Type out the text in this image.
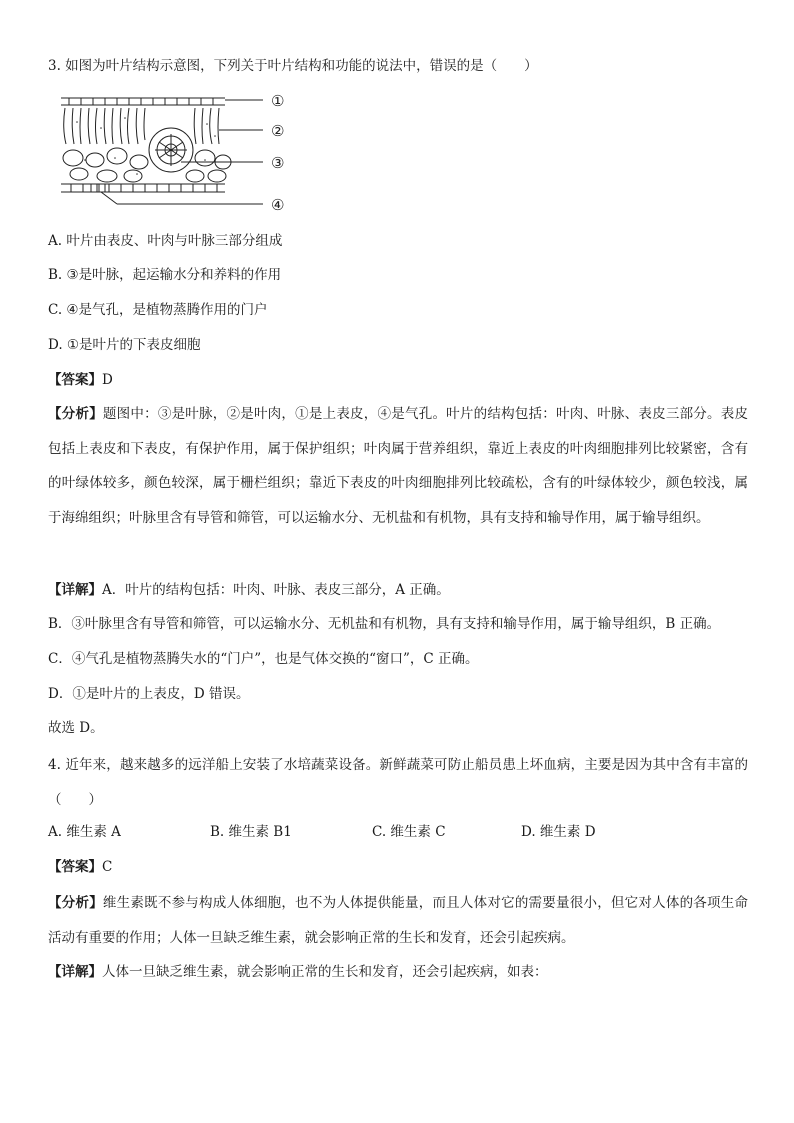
3. 如图为叶片结构示意图，下列关于叶片结构和功能的说法中，错误的是（　　）
①
②
③
④
A. 叶片由表皮、叶肉与叶脉三部分组成
B. ③是叶脉，起运输水分和养料的作用
C. ④是气孔，是植物蒸腾作用的门户
D. ①是叶片的下表皮细胞
【答案】D
【分析】题图中：③是叶脉，②是叶肉，①是上表皮，④是气孔。叶片的结构包括：叶肉、叶脉、表皮三部分。表皮包括上表皮和下表皮，有保护作用，属于保护组织；叶肉属于营养组织，靠近上表皮的叶肉细胞排列比较紧密，含有的叶绿体较多，颜色较深，属于栅栏组织；靠近下表皮的叶肉细胞排列比较疏松，含有的叶绿体较少，颜色较浅，属于海绵组织；叶脉里含有导管和筛管，可以运输水分、无机盐和有机物，具有支持和输导作用，属于输导组织。
【详解】A．叶片的结构包括：叶肉、叶脉、表皮三部分，A 正确。
B．③叶脉里含有导管和筛管，可以运输水分、无机盐和有机物，具有支持和输导作用，属于输导组织，B 正确。
C．④气孔是植物蒸腾失水的“门户”，也是气体交换的“窗口”，C 正确。
D．①是叶片的上表皮，D 错误。
故选 D。
4. 近年来，越来越多的远洋船上安装了水培蔬菜设备。新鲜蔬菜可防止船员患上坏血病，主要是因为其中含有丰富的（　　）
A. 维生素 A	B. 维生素 B1	C. 维生素 C	D. 维生素 D
【答案】C
【分析】维生素既不参与构成人体细胞，也不为人体提供能量，而且人体对它的需要量很小，但它对人体的各项生命活动有重要的作用；人体一旦缺乏维生素，就会影响正常的生长和发育，还会引起疾病。
【详解】人体一旦缺乏维生素，就会影响正常的生长和发育，还会引起疾病，如表：
